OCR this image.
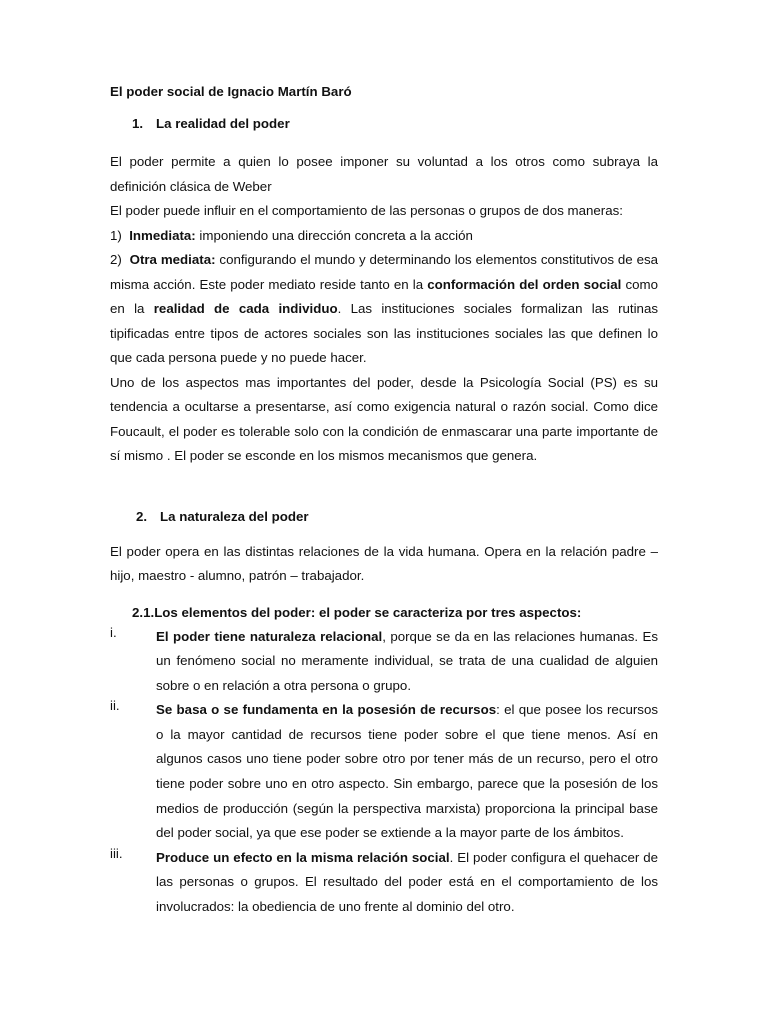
El poder social de Ignacio Martín Baró

1. La realidad del poder

El poder permite a quien lo posee imponer su voluntad a los otros como subraya la definición clásica de Weber

El poder puede influir en el comportamiento de las personas o grupos de dos maneras:

1) Inmediata: imponiendo una dirección concreta a la acción

2) Otra mediata: configurando el mundo y determinando los elementos constitutivos de esa misma acción. Este poder mediato reside tanto en la conformación del orden social como en la realidad de cada individuo. Las instituciones sociales formalizan las rutinas tipificadas entre tipos de actores sociales son las instituciones sociales las que definen lo que cada persona puede y no puede hacer.

Uno de los aspectos mas importantes del poder, desde la Psicología Social (PS) es su tendencia a ocultarse a presentarse, así como exigencia natural o razón social. Como dice Foucault, el poder es tolerable solo con la condición de enmascarar una parte importante de sí mismo . El poder se esconde en los mismos mecanismos que genera.

2. La naturaleza del poder

El poder opera en las distintas relaciones de la vida humana. Opera en la relación padre – hijo, maestro - alumno, patrón – trabajador.

2.1.Los elementos del poder: el poder se caracteriza por tres aspectos:

i.	El poder tiene naturaleza relacional, porque se da en las relaciones humanas. Es un fenómeno social no meramente individual, se trata de una cualidad de alguien sobre o en relación a otra persona o grupo.

ii.	Se basa o se fundamenta en la posesión de recursos: el que posee los recursos o la mayor cantidad de recursos tiene poder sobre el que tiene menos. Así en algunos casos uno tiene poder sobre otro por tener más de un recurso, pero el otro tiene poder sobre uno en otro aspecto. Sin embargo, parece que la posesión de los medios de producción (según la perspectiva marxista) proporciona la principal base del poder social, ya que ese poder se extiende a la mayor parte de los ámbitos.

iii.	Produce un efecto en la misma relación social. El poder configura el quehacer de las personas o grupos. El resultado del poder está en el comportamiento de los involucrados: la obediencia de uno frente al dominio del otro.
